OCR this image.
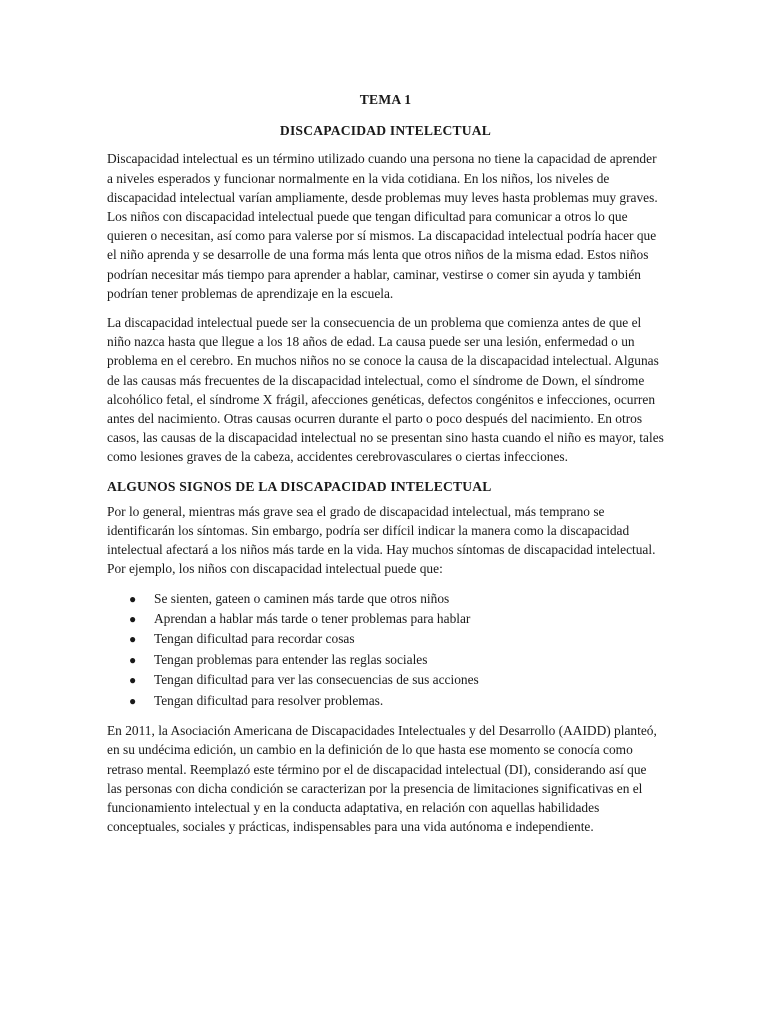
TEMA 1
DISCAPACIDAD INTELECTUAL

Discapacidad intelectual es un término utilizado cuando una persona no tiene la capacidad de aprender a niveles esperados y funcionar normalmente en la vida cotidiana. En los niños, los niveles de discapacidad intelectual varían ampliamente, desde problemas muy leves hasta problemas muy graves. Los niños con discapacidad intelectual puede que tengan dificultad para comunicar a otros lo que quieren o necesitan, así como para valerse por sí mismos. La discapacidad intelectual podría hacer que el niño aprenda y se desarrolle de una forma más lenta que otros niños de la misma edad. Estos niños podrían necesitar más tiempo para aprender a hablar, caminar, vestirse o comer sin ayuda y también podrían tener problemas de aprendizaje en la escuela.

La discapacidad intelectual puede ser la consecuencia de un problema que comienza antes de que el niño nazca hasta que llegue a los 18 años de edad. La causa puede ser una lesión, enfermedad o un problema en el cerebro. En muchos niños no se conoce la causa de la discapacidad intelectual. Algunas de las causas más frecuentes de la discapacidad intelectual, como el síndrome de Down, el síndrome alcohólico fetal, el síndrome X frágil, afecciones genéticas, defectos congénitos e infecciones, ocurren antes del nacimiento. Otras causas ocurren durante el parto o poco después del nacimiento. En otros casos, las causas de la discapacidad intelectual no se presentan sino hasta cuando el niño es mayor, tales como lesiones graves de la cabeza, accidentes cerebrovasculares o ciertas infecciones.

ALGUNOS SIGNOS DE LA DISCAPACIDAD INTELECTUAL

Por lo general, mientras más grave sea el grado de discapacidad intelectual, más temprano se identificarán los síntomas. Sin embargo, podría ser difícil indicar la manera como la discapacidad intelectual afectará a los niños más tarde en la vida. Hay muchos síntomas de discapacidad intelectual. Por ejemplo, los niños con discapacidad intelectual puede que:

● Se sienten, gateen o caminen más tarde que otros niños
● Aprendan a hablar más tarde o tener problemas para hablar
● Tengan dificultad para recordar cosas
● Tengan problemas para entender las reglas sociales
● Tengan dificultad para ver las consecuencias de sus acciones
● Tengan dificultad para resolver problemas.

En 2011, la Asociación Americana de Discapacidades Intelectuales y del Desarrollo (AAIDD) planteó, en su undécima edición, un cambio en la definición de lo que hasta ese momento se conocía como retraso mental. Reemplazó este término por el de discapacidad intelectual (DI), considerando así que las personas con dicha condición se caracterizan por la presencia de limitaciones significativas en el funcionamiento intelectual y en la conducta adaptativa, en relación con aquellas habilidades conceptuales, sociales y prácticas, indispensables para una vida autónoma e independiente.
